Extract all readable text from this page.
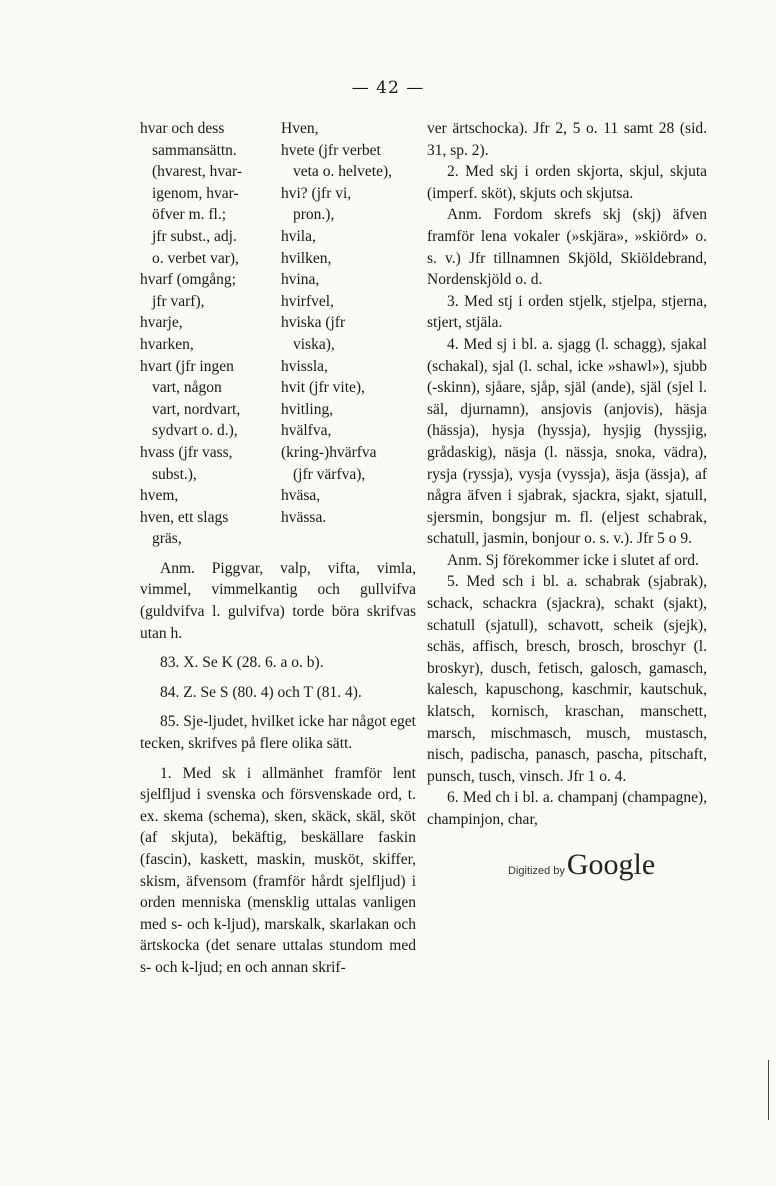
— 42 —
hvar och dess
sammansättn.
(hvarest, hvar-
igenom, hvar-
öfver m. fl.;
jfr subst., adj.
o. verbet var),
hvarf (omgång;
jfr varf),
hvarje,
hvarken,
hvart (jfr ingen
vart, någon
vart, nordvart,
sydvart o. d.),
hvass (jfr vass,
subst.),
hvem,
hven, ett slags
gräs,
Hven,
hvete (jfr verbet
veta o. helvete),
hvi? (jfr vi,
pron.),
hvila,
hvilken,
hvina,
hvirfvel,
hviska (jfr
viska),
hvissla,
hvit (jfr vite),
hvitling,
hvälfva,
(kring-)hvärfva
(jfr värfva),
hväsa,
hvässa.

Anm. Piggvar, valp, vifta, vimla, vimmel, vimmelkantig och gullvifva (guldvifva l. gulvifva) torde böra skrifvas utan h.

83. X. Se K (28. 6. a o. b).

84. Z. Se S (80. 4) och T (81. 4).

85. Sje-ljudet, hvilket icke har något eget tecken, skrifves på flere olika sätt.

1. Med sk i allmänhet framför lent sjelfljud i svenska och försvenskade ord, t. ex. skema (schema), sken, skäck, skäl, sköt (af skjuta), bekäftig, beskällare faskin (fascin), kaskett, maskin, musköt, skiffer, skism, äfvensom (framför hårdt sjelfljud) i orden menniska (mensklig uttalas vanligen med s- och k-ljud), marskalk, skarlakan och ärtskocka (det senare uttalas stundom med s- och k-ljud; en och annan skrif-

ver ärtschocka). Jfr 2, 5 o. 11 samt 28 (sid. 31, sp. 2).

2. Med skj i orden skjorta, skjul, skjuta (imperf. sköt), skjuts och skjutsa.

Anm. Fordom skrefs skj (skj) äfven framför lena vokaler (»skjära», »skiörd» o. s. v.) Jfr tillnamnen Skjöld, Skiöldebrand, Nordenskjöld o. d.

3. Med stj i orden stjelk, stjelpa, stjerna, stjert, stjäla.

4. Med sj i bl. a. sjagg (l. schagg), sjakal (schakal), sjal (l. schal, icke »shawl»), sjubb (-skinn), sjåare, sjåp, själ (ande), själ (sjel l. säl, djurnamn), ansjovis (anjovis), häsja (hässja), hysja (hyssja), hysjig (hyssjig, grådaskig), näsja (l. nässja, snoka, vädra), rysja (ryssja), vysja (vyssja), äsja (ässja), af några äfven i sjabrak, sjackra, sjakt, sjatull, sjersmin, bongsjur m. fl. (eljest schabrak, schatull, jasmin, bonjour o. s. v.). Jfr 5 o 9.

Anm. Sj förekommer icke i slutet af ord.

5. Med sch i bl. a. schabrak (sjabrak), schack, schackra (sjackra), schakt (sjakt), schatull (sjatull), schavott, scheik (sjejk), schäs, affisch, bresch, brosch, broschyr (l. broskyr), dusch, fetisch, galosch, gamasch, kalesch, kapuschong, kaschmir, kautschuk, klatsch, kornisch, kraschan, manschett, marsch, mischmasch, musch, mustasch, nisch, padischa, panasch, pascha, pitschaft, punsch, tusch, vinsch. Jfr 1 o. 4.

6. Med ch i bl. a. champanj (champagne), champinjon, char,

Digitized by Google
